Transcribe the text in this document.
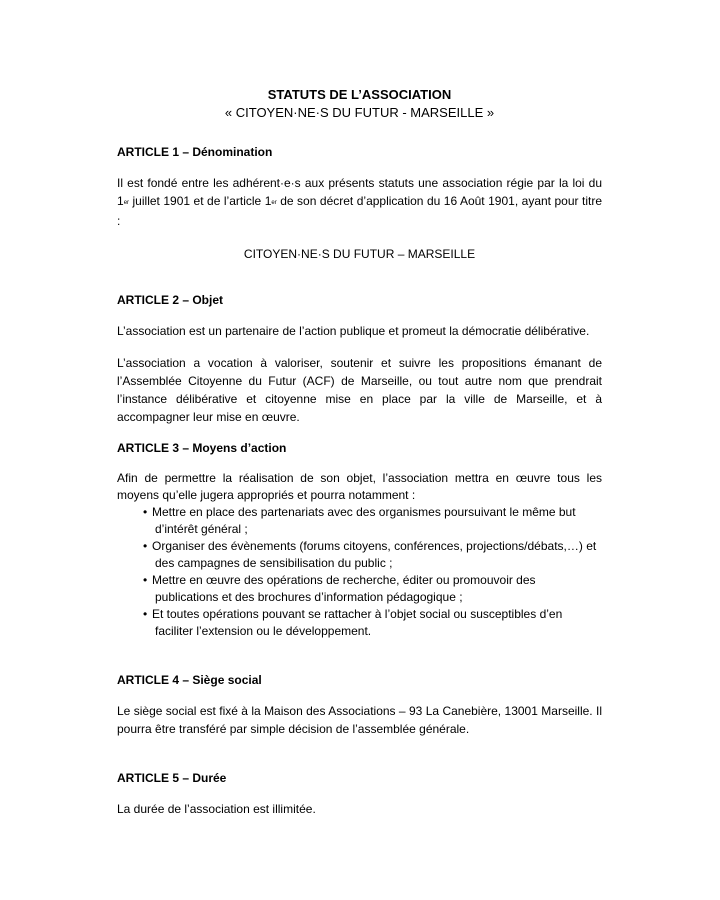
STATUTS DE L’ASSOCIATION
« CITOYEN·NE·S DU FUTUR - MARSEILLE »
ARTICLE 1 – Dénomination

Il est fondé entre les adhérent·e·s aux présents statuts une association régie par la loi du 1er juillet 1901 et de l’article 1er de son décret d’application du 16 Août 1901, ayant pour titre :

CITOYEN·NE·S DU FUTUR – MARSEILLE
ARTICLE 2 – Objet

L’association est un partenaire de l’action publique et promeut la démocratie délibérative.

L’association a vocation à valoriser, soutenir et suivre les propositions émanant de l’Assemblée Citoyenne du Futur (ACF) de Marseille, ou tout autre nom que prendrait l’instance délibérative et citoyenne mise en place par la ville de Marseille, et à accompagner leur mise en œuvre.

ARTICLE 3 – Moyens d’action

Afin de permettre la réalisation de son objet, l’association mettra en œuvre tous les moyens qu’elle jugera appropriés et pourra notamment :

• Mettre en place des partenariats avec des organismes poursuivant le même but d’intérêt général ;
• Organiser des évènements (forums citoyens, conférences, projections/débats,…) et des campagnes de sensibilisation du public ;
• Mettre en œuvre des opérations de recherche, éditer ou promouvoir des publications et des brochures d’information pédagogique ;
• Et toutes opérations pouvant se rattacher à l’objet social ou susceptibles d’en faciliter l’extension ou le développement.
ARTICLE 4 – Siège social

Le siège social est fixé à la Maison des Associations – 93 La Canebière, 13001 Marseille. Il pourra être transféré par simple décision de l’assemblée générale.

ARTICLE 5 – Durée

La durée de l’association est illimitée.
